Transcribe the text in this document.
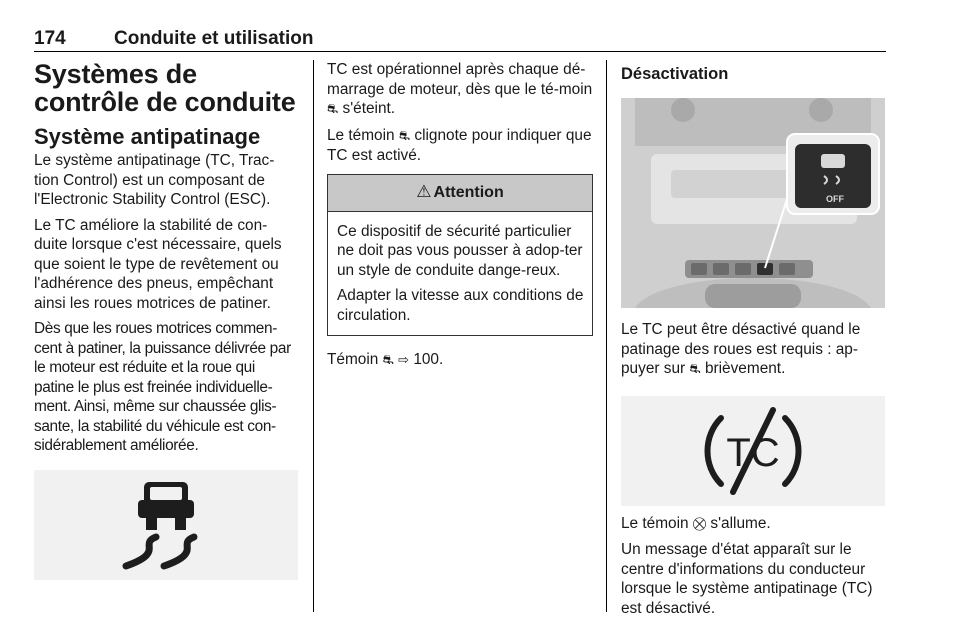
174	Conduite et utilisation
Systèmes de contrôle de conduite
Système antipatinage

Le système antipatinage (TC, Trac-tion Control) est un composant de l'Electronic Stability Control (ESC).

Le TC améliore la stabilité de con-duite lorsque c'est nécessaire, quels que soient le type de revêtement ou l'adhérence des pneus, empêchant ainsi les roues motrices de patiner.

Dès que les roues motrices commen-cent à patiner, la puissance délivrée par le moteur est réduite et la roue qui patine le plus est freinée individuelle-ment. Ainsi, même sur chaussée glis-sante, la stabilité du véhicule est con-sidérablement améliorée.

TC est opérationnel après chaque dé-marrage de moteur, dès que le té-moin ⛐ s'éteint.

Le témoin ⛐ clignote pour indiquer que TC est activé.

⚠ Attention

Ce dispositif de sécurité particulier ne doit pas vous pousser à adop-ter un style de conduite dange-reux.

Adapter la vitesse aux conditions de circulation.

Témoin ⛐ ⇨ 100.

Désactivation
OFF

Le TC peut être désactivé quand le patinage des roues est requis : ap-puyer sur ⛐ brièvement.

TC

Le témoin ⛒ s'allume.

Un message d'état apparaît sur le centre d'informations du conducteur lorsque le système antipatinage (TC) est désactivé.
